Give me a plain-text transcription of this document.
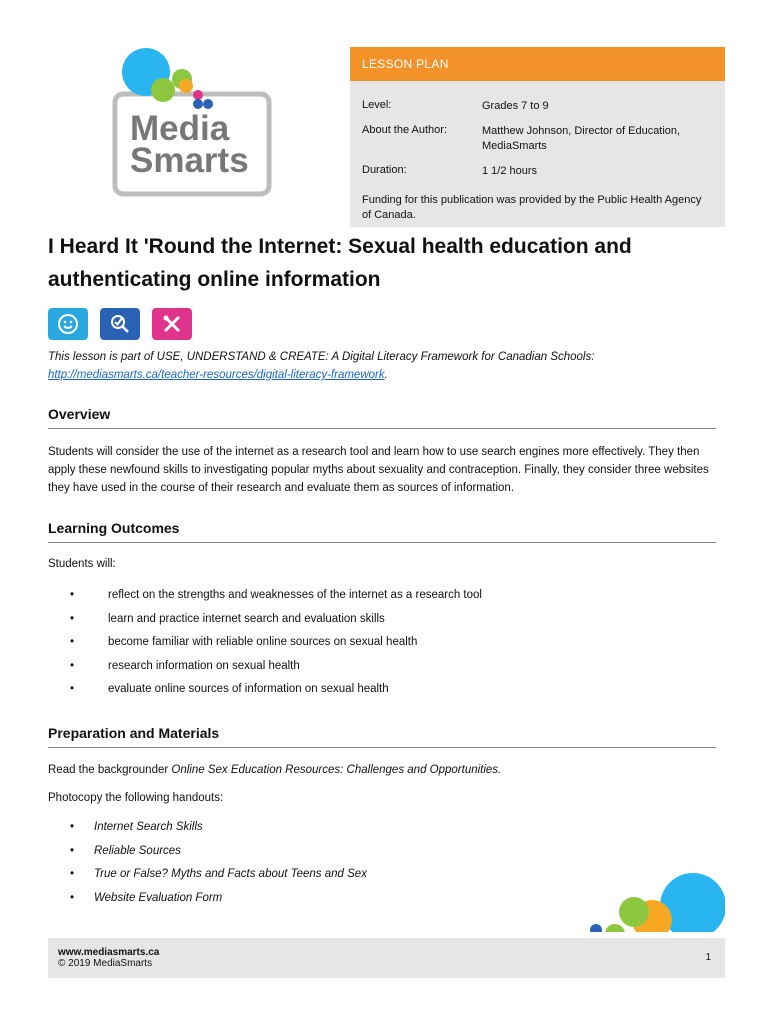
Media
Smarts
LESSON PLAN
Level:	Grades 7 to 9
About the Author:	Matthew Johnson, Director of Education, MediaSmarts
Duration:	1 1/2 hours
Funding for this publication was provided by the Public Health Agency of Canada.
I Heard It 'Round the Internet: Sexual health education and authenticating online information
This lesson is part of USE, UNDERSTAND & CREATE: A Digital Literacy Framework for Canadian Schools: http://mediasmarts.ca/teacher-resources/digital-literacy-framework.
Overview

Students will consider the use of the internet as a research tool and learn how to use search engines more effectively. They then apply these newfound skills to investigating popular myths about sexuality and contraception. Finally, they consider three websites they have used in the course of their research and evaluate them as sources of information.

Learning Outcomes

Students will:

•	reflect on the strengths and weaknesses of the internet as a research tool
•	learn and practice internet search and evaluation skills
•	become familiar with reliable online sources on sexual health
•	research information on sexual health
•	evaluate online sources of information on sexual health
Preparation and Materials

Read the backgrounder Online Sex Education Resources: Challenges and Opportunities.

Photocopy the following handouts:

• Internet Search Skills
• Reliable Sources
• True or False? Myths and Facts about Teens and Sex
• Website Evaluation Form
www.mediasmarts.ca
© 2019 MediaSmarts
1
